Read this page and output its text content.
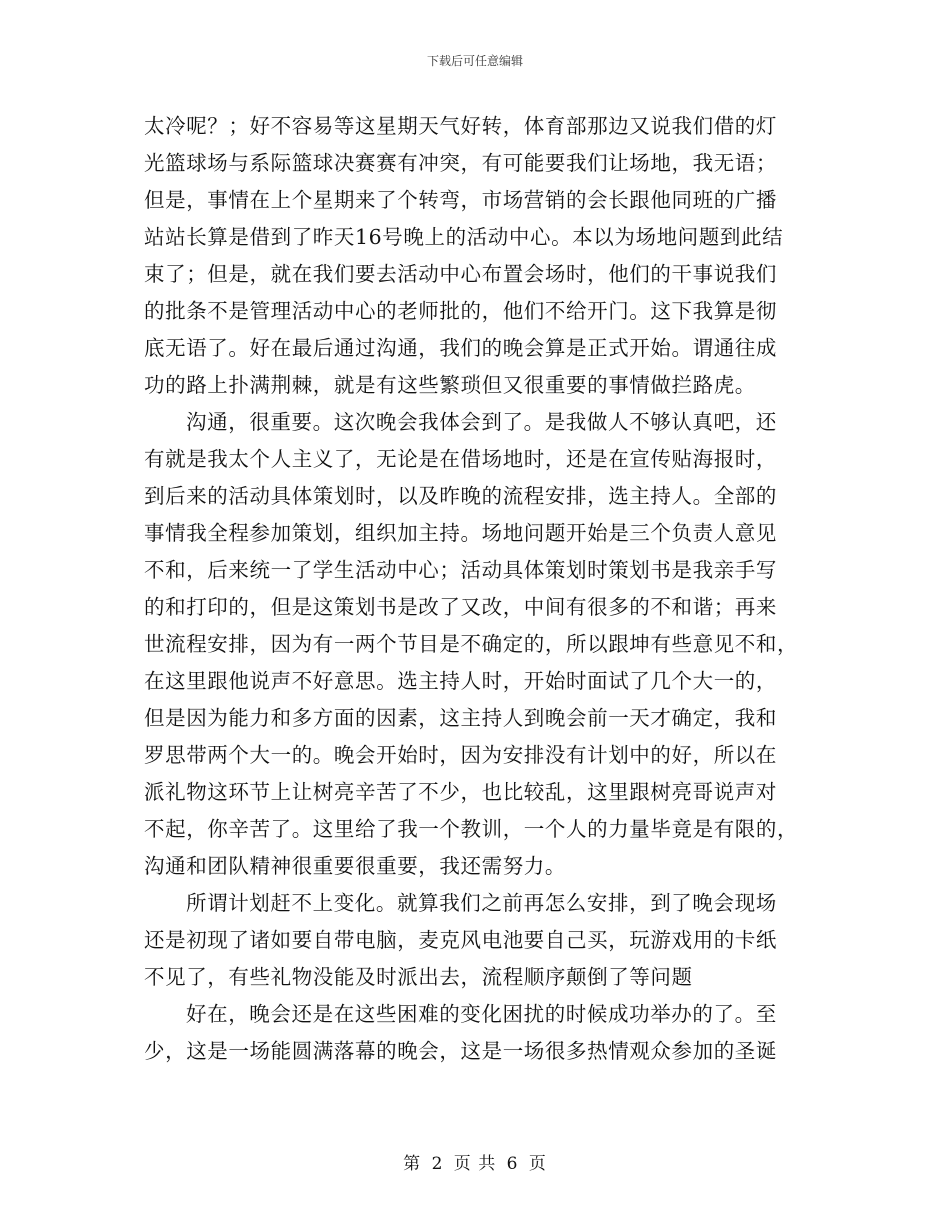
下载后可任意编辑
太冷呢？；好不容易等这星期天气好转，体育部那边又说我们借的灯
光篮球场与系际篮球决赛赛有冲突，有可能要我们让场地，我无语；
但是，事情在上个星期来了个转弯，市场营销的会长跟他同班的广播
站站长算是借到了昨天16号晚上的活动中心。本以为场地问题到此结
束了；但是，就在我们要去活动中心布置会场时，他们的干事说我们
的批条不是管理活动中心的老师批的，他们不给开门。这下我算是彻
底无语了。好在最后通过沟通，我们的晚会算是正式开始。谓通往成
功的路上扑满荆棘，就是有这些繁琐但又很重要的事情做拦路虎。
沟通，很重要。这次晚会我体会到了。是我做人不够认真吧，还
有就是我太个人主义了，无论是在借场地时，还是在宣传贴海报时，
到后来的活动具体策划时，以及昨晚的流程安排，选主持人。全部的
事情我全程参加策划，组织加主持。场地问题开始是三个负责人意见
不和，后来统一了学生活动中心；活动具体策划时策划书是我亲手写
的和打印的，但是这策划书是改了又改，中间有很多的不和谐；再来
世流程安排，因为有一两个节目是不确定的，所以跟坤有些意见不和，
在这里跟他说声不好意思。选主持人时，开始时面试了几个大一的，
但是因为能力和多方面的因素，这主持人到晚会前一天才确定，我和
罗思带两个大一的。晚会开始时，因为安排没有计划中的好，所以在
派礼物这环节上让树亮辛苦了不少，也比较乱，这里跟树亮哥说声对
不起，你辛苦了。这里给了我一个教训，一个人的力量毕竟是有限的，
沟通和团队精神很重要很重要，我还需努力。
所谓计划赶不上变化。就算我们之前再怎么安排，到了晚会现场
还是初现了诸如要自带电脑，麦克风电池要自己买，玩游戏用的卡纸
不见了，有些礼物没能及时派出去，流程顺序颠倒了等问题
好在，晚会还是在这些困难的变化困扰的时候成功举办的了。至
少，这是一场能圆满落幕的晚会，这是一场很多热情观众参加的圣诞
第 2 页 共 6 页
